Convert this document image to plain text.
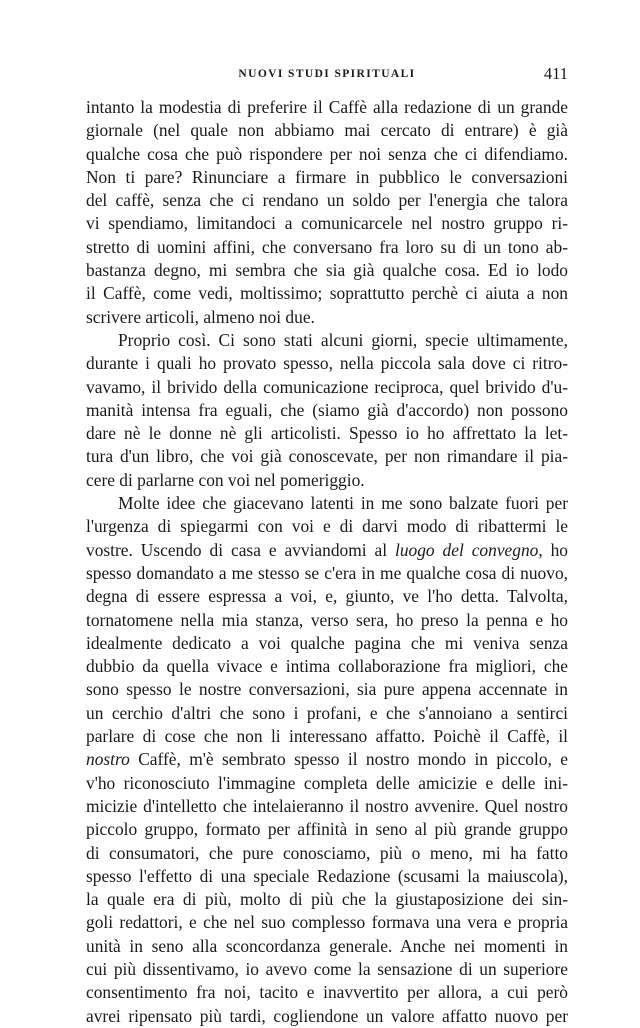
NUOVI STUDI SPIRITUALI	411
intanto la modestia di preferire il Caffè alla redazione di un grande
giornale (nel quale non abbiamo mai cercato di entrare) è già
qualche cosa che può rispondere per noi senza che ci difendiamo.
Non ti pare? Rinunciare a firmare in pubblico le conversazioni
del caffè, senza che ci rendano un soldo per l'energia che talora
vi spendiamo, limitandoci a comunicarcele nel nostro gruppo ri-
stretto di uomini affini, che conversano fra loro su di un tono ab-
bastanza degno, mi sembra che sia già qualche cosa. Ed io lodo
il Caffè, come vedi, moltissimo; soprattutto perchè ci aiuta a non
scrivere articoli, almeno noi due.
Proprio così. Ci sono stati alcuni giorni, specie ultimamente,
durante i quali ho provato spesso, nella piccola sala dove ci ritro-
vavamo, il brivido della comunicazione reciproca, quel brivido d'u-
manità intensa fra eguali, che (siamo già d'accordo) non possono
dare nè le donne nè gli articolisti. Spesso io ho affrettato la let-
tura d'un libro, che voi già conoscevate, per non rimandare il pia-
cere di parlarne con voi nel pomeriggio.
Molte idee che giacevano latenti in me sono balzate fuori per
l'urgenza di spiegarmi con voi e di darvi modo di ribattermi le
vostre. Uscendo di casa e avviandomi al luogo del convegno, ho
spesso domandato a me stesso se c'era in me qualche cosa di nuovo,
degna di essere espressa a voi, e, giunto, ve l'ho detta. Talvolta,
tornatomene nella mia stanza, verso sera, ho preso la penna e ho
idealmente dedicato a voi qualche pagina che mi veniva senza
dubbio da quella vivace e intima collaborazione fra migliori, che
sono spesso le nostre conversazioni, sia pure appena accennate in
un cerchio d'altri che sono i profani, e che s'annoiano a sentirci
parlare di cose che non li interessano affatto. Poichè il Caffè, il
nostro Caffè, m'è sembrato spesso il nostro mondo in piccolo, e
v'ho riconosciuto l'immagine completa delle amicizie e delle ini-
micizie d'intelletto che intelaieranno il nostro avvenire. Quel nostro
piccolo gruppo, formato per affinità in seno al più grande gruppo
di consumatori, che pure conosciamo, più o meno, mi ha fatto
spesso l'effetto di una speciale Redazione (scusami la maiuscola),
la quale era di più, molto di più che la giustaposizione dei sin-
goli redattori, e che nel suo complesso formava una vera e propria
unità in seno alla sconcordanza generale. Anche nei momenti in
cui più dissentivamo, io avevo come la sensazione di un superiore
consentimento fra noi, tacito e inavvertito per allora, a cui però
avrei ripensato più tardi, cogliendone un valore affatto nuovo per
